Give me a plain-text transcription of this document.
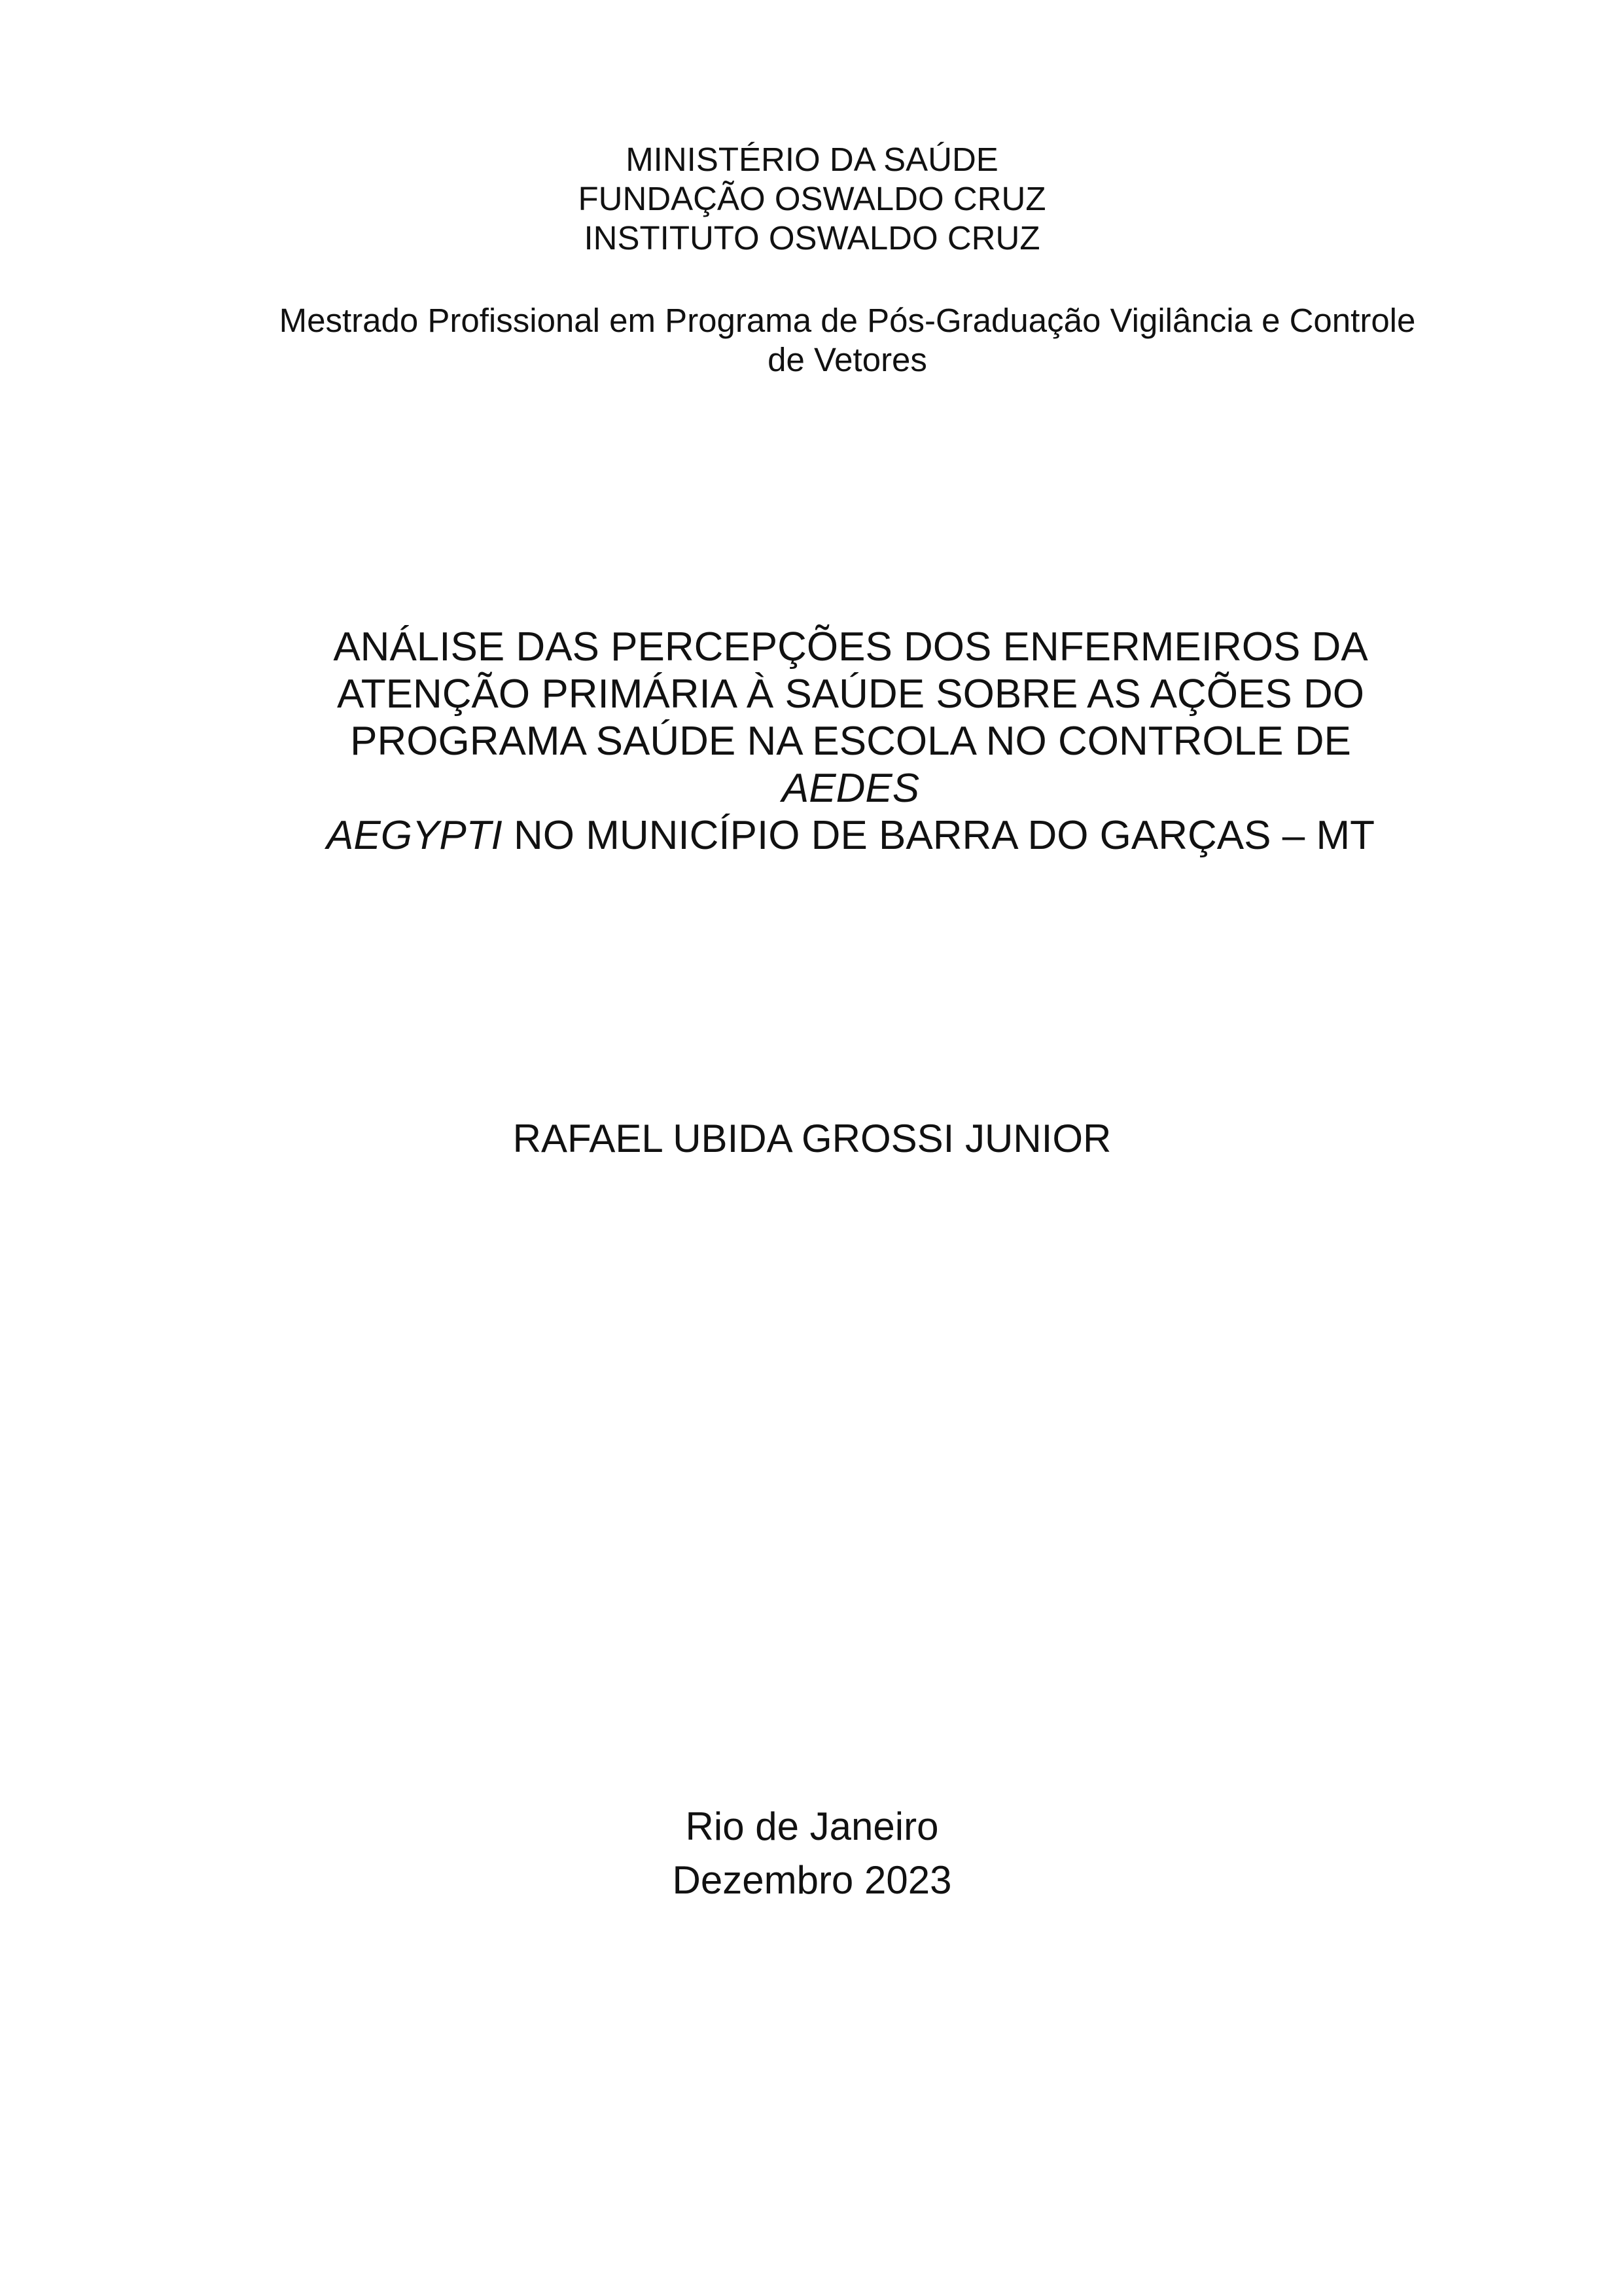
MINISTÉRIO DA SAÚDE
FUNDAÇÃO OSWALDO CRUZ
INSTITUTO OSWALDO CRUZ
Mestrado Profissional em Programa de Pós-Graduação Vigilância e Controle
de Vetores
ANÁLISE DAS PERCEPÇÕES DOS ENFERMEIROS DA
ATENÇÃO PRIMÁRIA À SAÚDE SOBRE AS AÇÕES DO
PROGRAMA SAÚDE NA ESCOLA NO CONTROLE DE AEDES
AEGYPTI NO MUNICÍPIO DE BARRA DO GARÇAS – MT
RAFAEL UBIDA GROSSI JUNIOR
Rio de Janeiro
Dezembro 2023
